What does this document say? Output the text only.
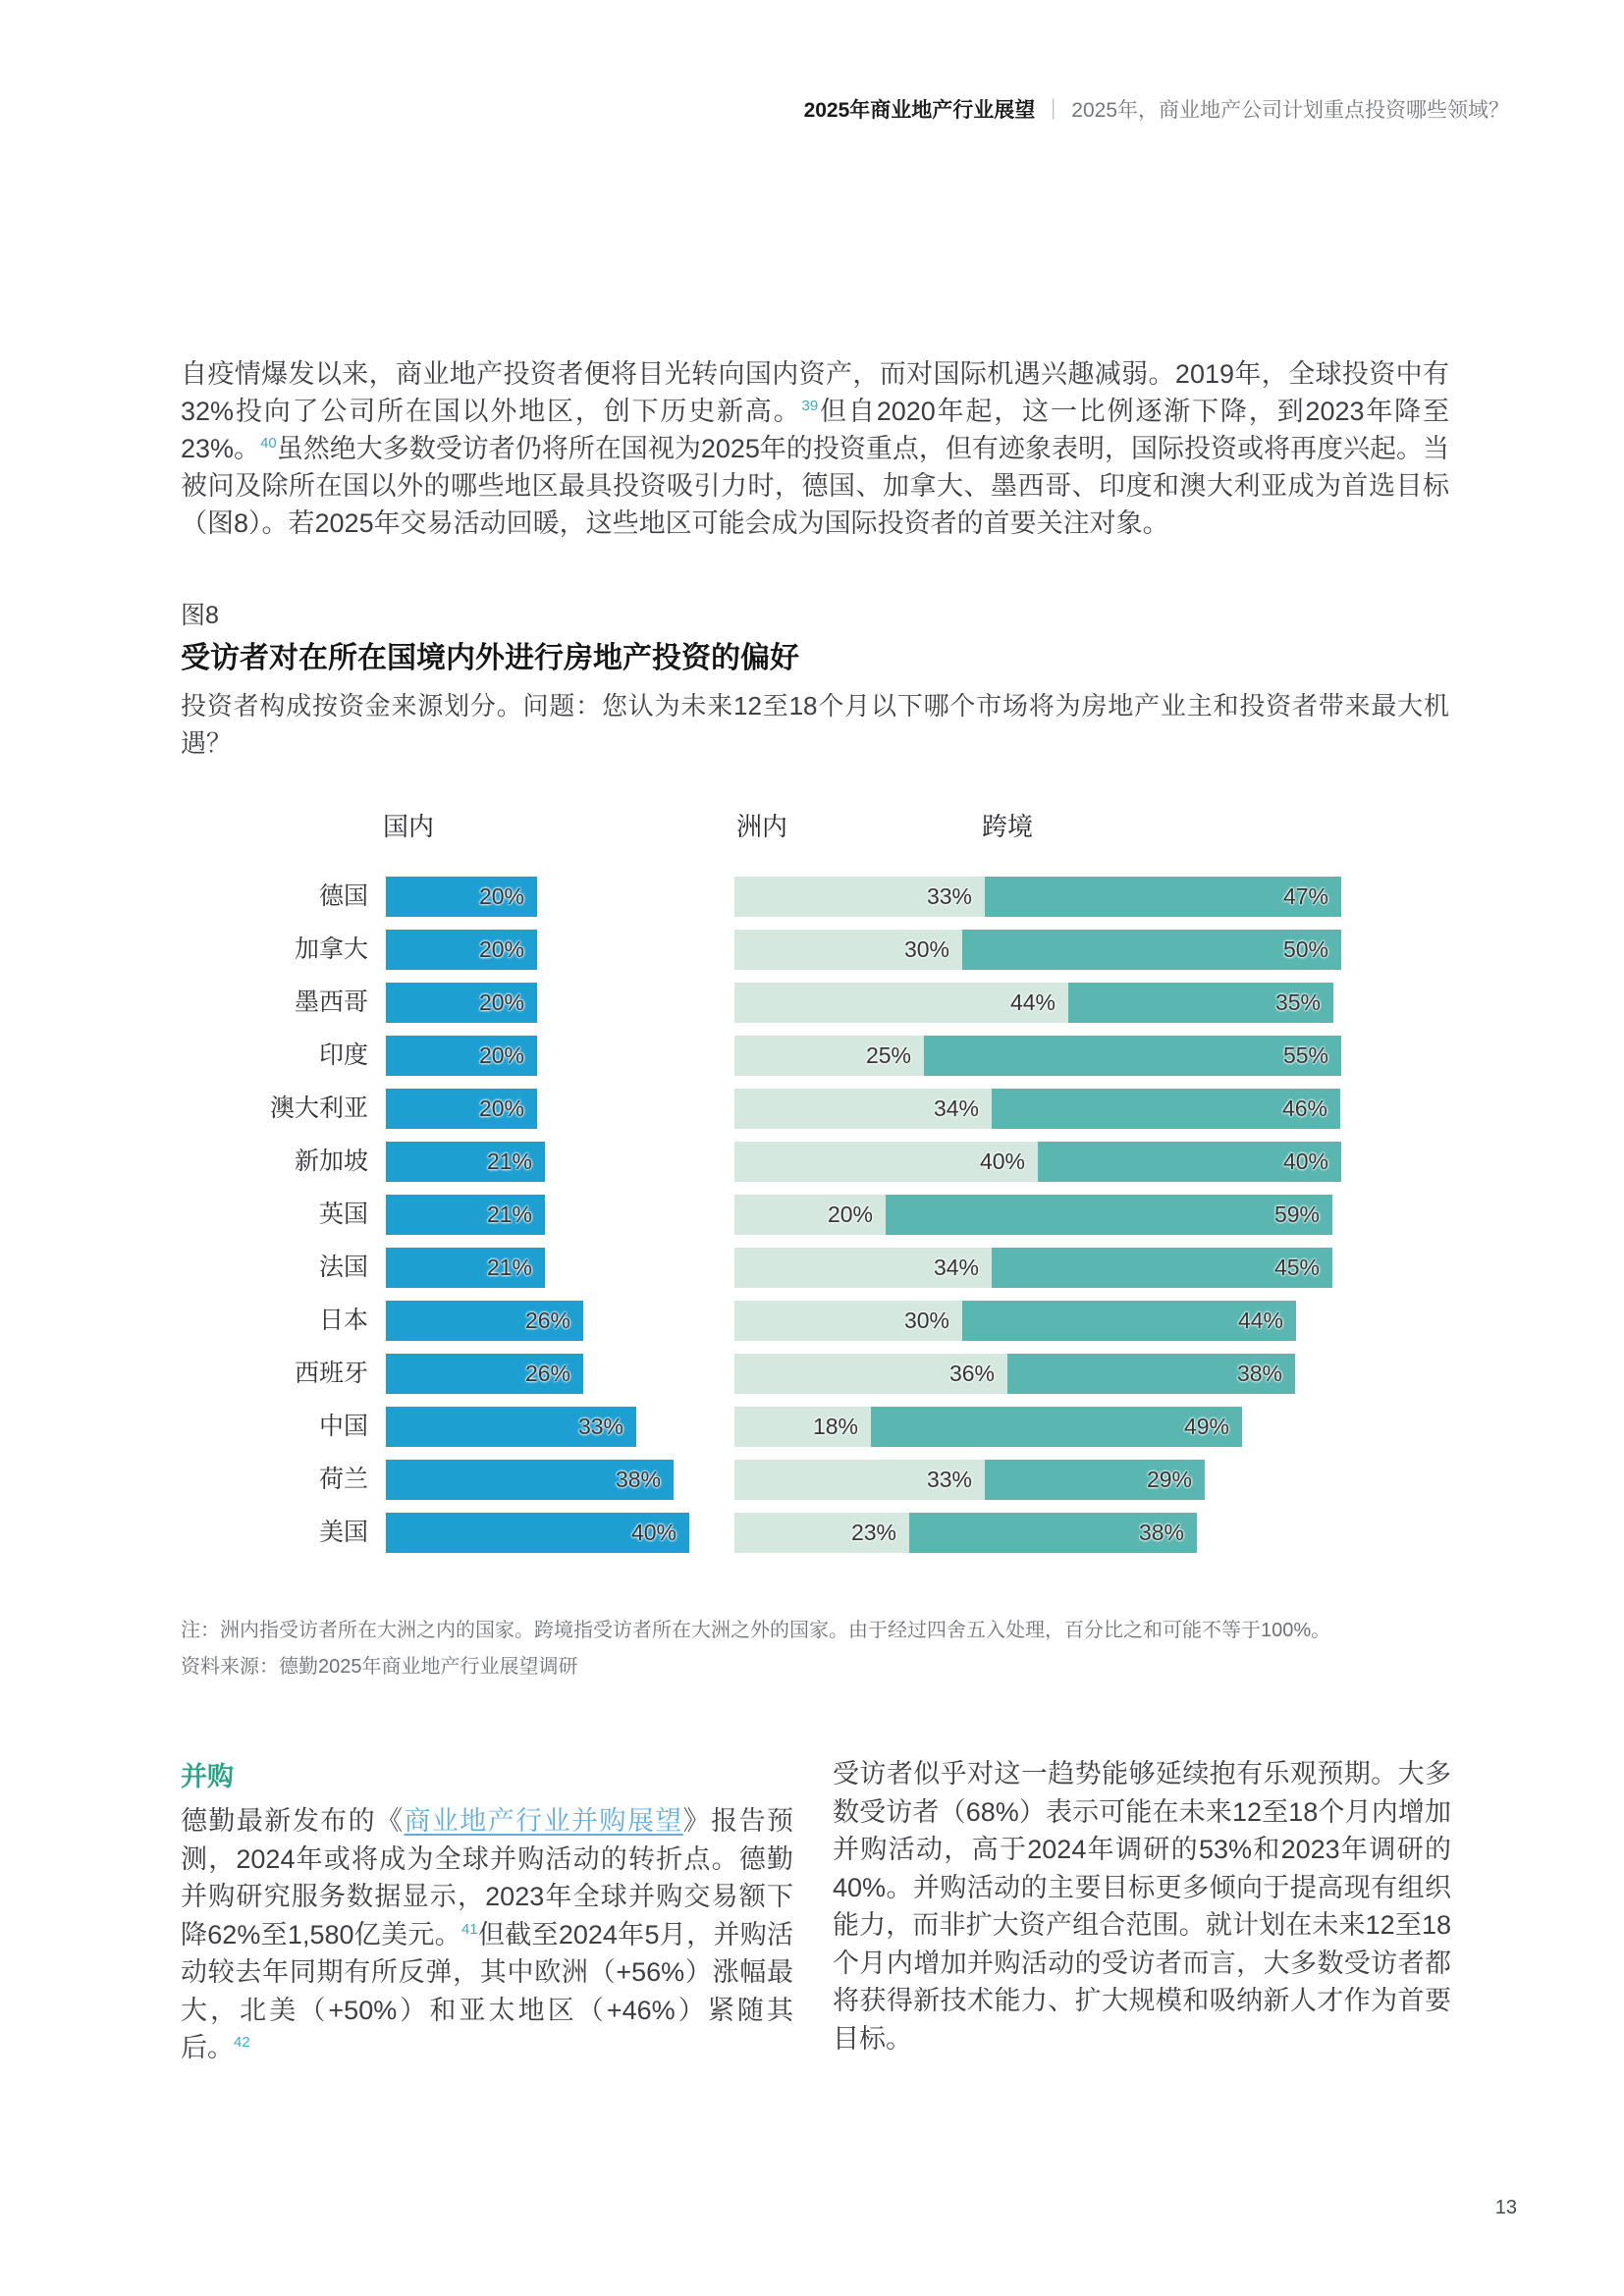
2025年商业地产行业展望 ｜ 2025年，商业地产公司计划重点投资哪些领域？
自疫情爆发以来，商业地产投资者便将目光转向国内资产，而对国际机遇兴趣减弱。2019年，全球投资中有32%投向了公司所在国以外地区，创下历史新高。$^{39}$但自2020年起，这一比例逐渐下降，到2023年降至23%。$^{40}$虽然绝大多数受访者仍将所在国视为2025年的投资重点，但有迹象表明，国际投资或将再度兴起。当被问及除所在国以外的哪些地区最具投资吸引力时，德国、加拿大、墨西哥、印度和澳大利亚成为首选目标（图8）。若2025年交易活动回暖，这些地区可能会成为国际投资者的首要关注对象。
图8
受访者对在所在国境内外进行房地产投资的偏好
投资者构成按资金来源划分。问题：您认为未来12至18个月以下哪个市场将为房地产业主和投资者带来最大机遇？
国内	洲内	跨境
德国	20%	33%	47%
加拿大	20%	30%	50%
墨西哥	20%	44%	35%
印度	20%	25%	55%
澳大利亚	20%	34%	46%
新加坡	21%	40%	40%
英国	21%	20%	59%
法国	21%	34%	45%
日本	26%	30%	44%
西班牙	26%	36%	38%
中国	33%	18%	49%
荷兰	38%	33%	29%
美国	40%	23%	38%
注：洲内指受访者所在大洲之内的国家。跨境指受访者所在大洲之外的国家。由于经过四舍五入处理，百分比之和可能不等于100%。
资料来源：德勤2025年商业地产行业展望调研
并购

德勤最新发布的《商业地产行业并购展望》报告预测，2024年或将成为全球并购活动的转折点。德勤并购研究服务数据显示，2023年全球并购交易额下降62%至1,580亿美元。$^{41}$但截至2024年5月，并购活动较去年同期有所反弹，其中欧洲（+56%）涨幅最大，北美（+50%）和亚太地区（+46%）紧随其后。$^{42}$

受访者似乎对这一趋势能够延续抱有乐观预期。大多数受访者（68%）表示可能在未来12至18个月内增加并购活动，高于2024年调研的53%和2023年调研的40%。并购活动的主要目标更多倾向于提高现有组织能力，而非扩大资产组合范围。就计划在未来12至18个月内增加并购活动的受访者而言，大多数受访者都将获得新技术能力、扩大规模和吸纳新人才作为首要目标。

13
